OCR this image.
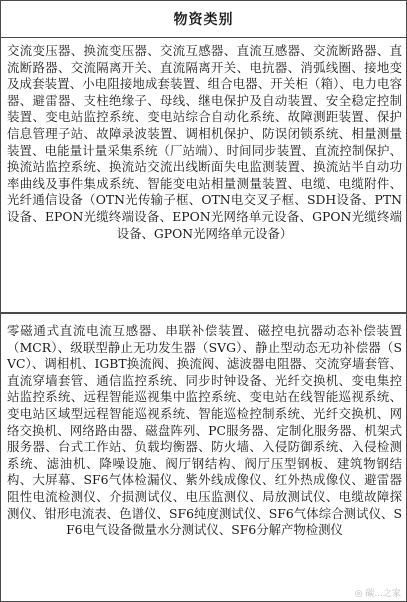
物资类别
交流变压器、换流变压器、交流互感器、直流互感器、交流断路器、直流断路器、交流隔离开关、直流隔离开关、电抗器、消弧线圈、接地变及成套装置、小电阻接地成套装置、组合电器、开关柜（箱）、电力电容器、避雷器、支柱绝缘子、母线、继电保护及自动装置、安全稳定控制装置、变电站监控系统、变电站综合自动化系统、故障测距装置、保护信息管理子站、故障录波装置、调相机保护、防误闭锁系统、相量测量装置、电能量计量采集系统（厂站端）、时间同步装置、直流控制保护、换流站监控系统、换流站交流出线断面失电监测装置、换流站半自动功率曲线及事件集成系统、智能变电站相量测量装置、电缆、电缆附件、光纤通信设备（OTN光传输子框、OTN电交叉子框、SDH设备、PTN设备、EPON光缆终端设备、EPON光网络单元设备、GPON光缆终端设备、GPON光网络单元设备）
零磁通式直流电流互感器、串联补偿装置、磁控电抗器动态补偿装置（MCR）、级联型静止无功发生器（SVG）、静止型动态无功补偿器（SVC）、调相机、IGBT换流阀、换流阀、滤波器电阻器、交流穿墙套管、直流穿墙套管、通信监控系统、同步时钟设备、光纤交换机、变电集控站监控系统、远程智能巡视集中监控系统、变电站在线智能巡视系统、变电站区域型远程智能巡视系统、智能巡检控制系统、光纤交换机、网络交换机、网络路由器、磁盘阵列、PC服务器、定制化服务器、机架式服务器、台式工作站、负载均衡器、防火墙、入侵防御系统、入侵检测系统、滤油机、降噪设施、阀厅钢结构、阀厅压型钢板、建筑物钢结构、大屏幕、SF6气体检漏仪、紫外线成像仪、红外热成像仪、避雷器阻性电流检测仪、介损测试仪、电压监测仪、局放测试仪、电缆故障探测仪、钳形电流表、色谱仪、SF6纯度测试仪、SF6气体综合测试仪、SF6电气设备微量水分测试仪、SF6分解产物检测仪
◎ 碳...之家
